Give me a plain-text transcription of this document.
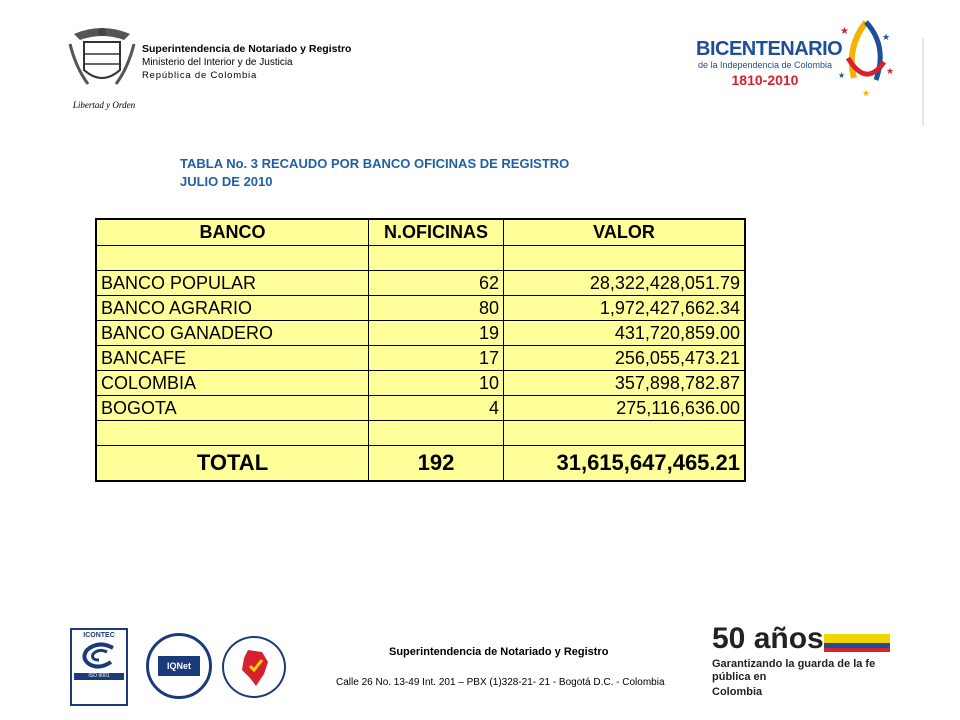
Libertad y Orden
Superintendencia de Notariado y Registro
Ministerio del Interior y de Justicia
República de Colombia
BICENTENARIO
de la Independencia de Colombia
1810-2010
★	★
★
★
★
TABLA No. 3 RECAUDO POR BANCO OFICINAS DE REGISTRO
JULIO DE 2010
BANCO	N.OFICINAS	VALOR

BANCO POPULAR	62	28,322,428,051.79
BANCO AGRARIO	80	1,972,427,662.34
BANCO GANADERO	19	431,720,859.00
BANCAFE	17	256,055,473.21
COLOMBIA	10	357,898,782.87
BOGOTA	4	275,116,636.00

TOTAL	192	31,615,647,465.21
ICONTEC
ISO 9001
IQNet
Superintendencia de Notariado y Registro
Calle 26 No. 13-49 Int. 201 – PBX (1)328-21- 21 - Bogotá D.C. - Colombia
50 años
Garantizando la guarda de la fe pública en
Colombia
